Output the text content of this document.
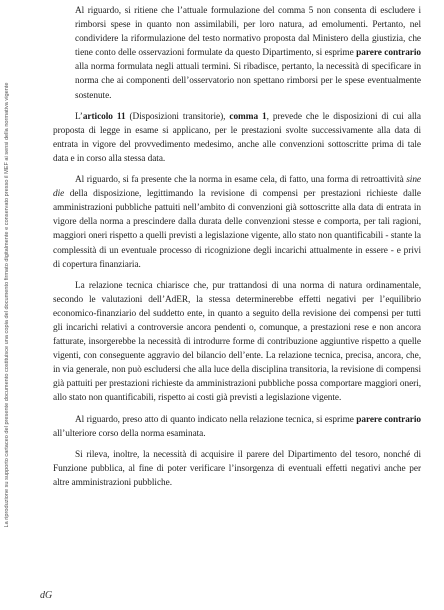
La riproduzione su supporto cartaceo del presente documento costituisce una copia del documento firmato digitalmente e conservato presso il MEF ai sensi della normativa vigente

Al riguardo, si ritiene che l’attuale formulazione del comma 5 non consenta di escludere i rimborsi spese in quanto non assimilabili, per loro natura, ad emolumenti. Pertanto, nel condividere la riformulazione del testo normativo proposta dal Ministero della giustizia, che tiene conto delle osservazioni formulate da questo Dipartimento, si esprime parere contrario alla norma formulata negli attuali termini. Si ribadisce, pertanto, la necessità di specificare in norma che ai componenti dell’osservatorio non spettano rimborsi per le spese eventualmente sostenute.

L’articolo 11 (Disposizioni transitorie), comma 1, prevede che le disposizioni di cui alla proposta di legge in esame si applicano, per le prestazioni svolte successivamente alla data di entrata in vigore del provvedimento medesimo, anche alle convenzioni sottoscritte prima di tale data e in corso alla stessa data.

Al riguardo, si fa presente che la norma in esame cela, di fatto, una forma di retroattività sine die della disposizione, legittimando la revisione di compensi per prestazioni richieste dalle amministrazioni pubbliche pattuiti nell’ambito di convenzioni già sottoscritte alla data di entrata in vigore della norma a prescindere dalla durata delle convenzioni stesse e comporta, per tali ragioni, maggiori oneri rispetto a quelli previsti a legislazione vigente, allo stato non quantificabili - stante la complessità di un eventuale processo di ricognizione degli incarichi attualmente in essere - e privi di copertura finanziaria.

La relazione tecnica chiarisce che, pur trattandosi di una norma di natura ordinamentale, secondo le valutazioni dell’AdER, la stessa determinerebbe effetti negativi per l’equilibrio economico-finanziario del suddetto ente, in quanto a seguito della revisione dei compensi per tutti gli incarichi relativi a controversie ancora pendenti o, comunque, a prestazioni rese e non ancora fatturate, insorgerebbe la necessità di introdurre forme di contribuzione aggiuntive rispetto a quelle vigenti, con conseguente aggravio del bilancio dell’ente. La relazione tecnica, precisa, ancora, che, in via generale, non può escludersi che alla luce della disciplina transitoria, la revisione di compensi già pattuiti per prestazioni richieste da amministrazioni pubbliche possa comportare maggiori oneri, allo stato non quantificabili, rispetto ai costi già previsti a legislazione vigente.

Al riguardo, preso atto di quanto indicato nella relazione tecnica, si esprime parere contrario all’ulteriore corso della norma esaminata.

Si rileva, inoltre, la necessità di acquisire il parere del Dipartimento del tesoro, nonché di Funzione pubblica, al fine di poter verificare l’insorgenza di eventuali effetti negativi anche per altre amministrazioni pubbliche.

dG
